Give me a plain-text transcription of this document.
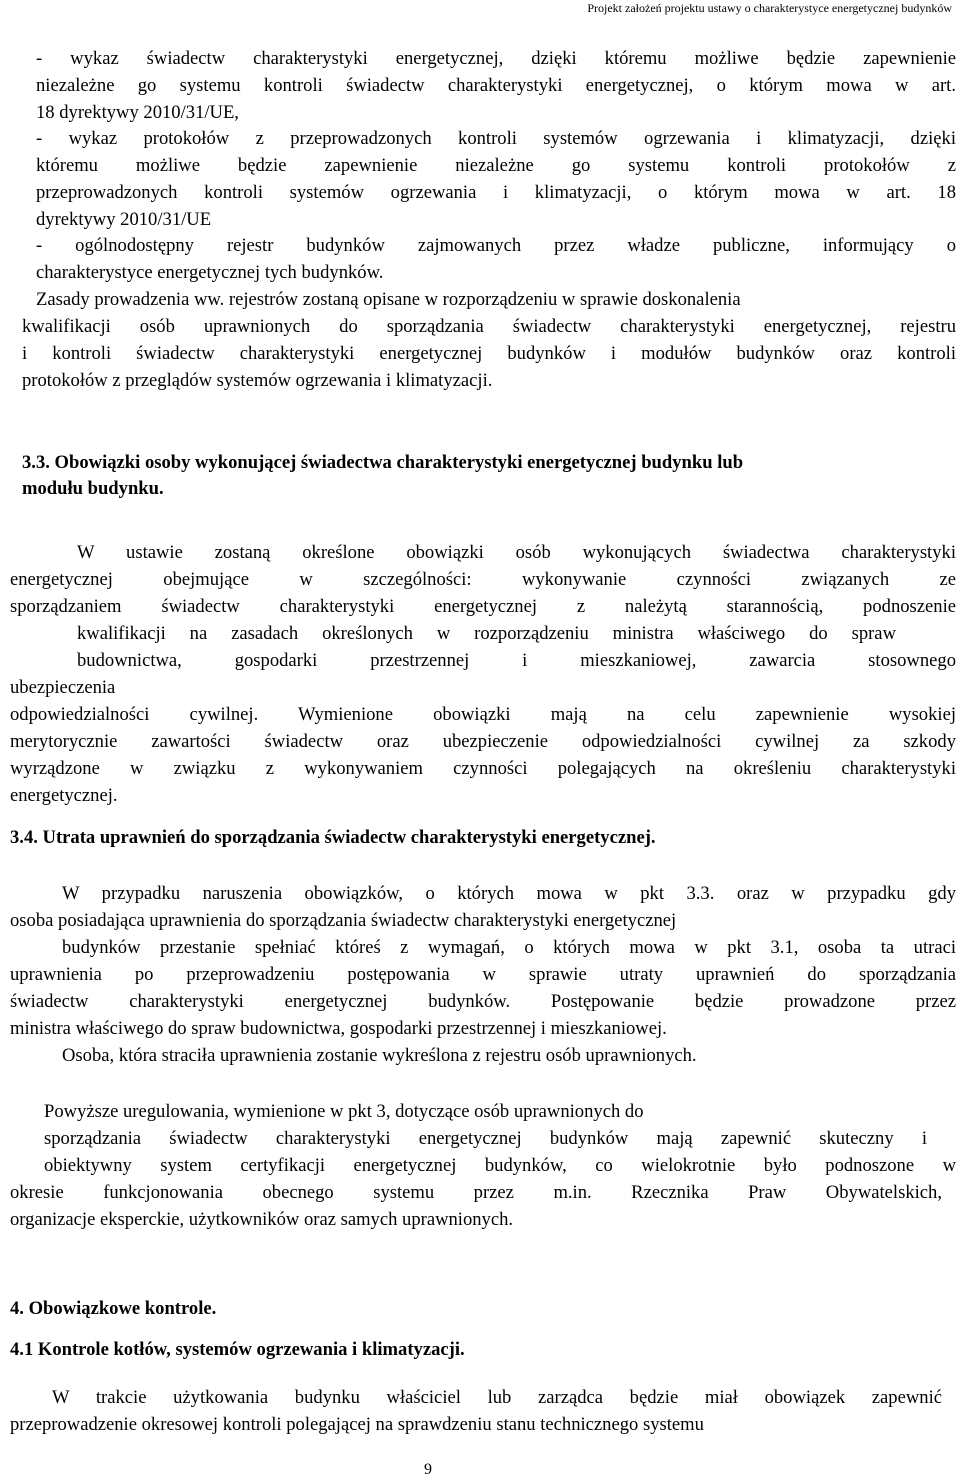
Projekt założeń projektu ustawy o charakterystyce energetycznej budynków
- wykaz świadectw charakterystyki energetycznej, dzięki któremu możliwe będzie zapewnienie
niezależne go systemu kontroli świadectw charakterystyki energetycznej, o którym mowa w art.
18 dyrektywy 2010/31/UE,
- wykaz protokołów z przeprowadzonych kontroli systemów ogrzewania i klimatyzacji, dzięki
któremu możliwe będzie zapewnienie niezależne go systemu kontroli protokołów z
przeprowadzonych kontroli systemów ogrzewania i klimatyzacji, o którym mowa w art. 18
dyrektywy 2010/31/UE
- ogólnodostępny rejestr budynków zajmowanych przez władze publiczne, informujący o
charakterystyce energetycznej tych budynków.
Zasady prowadzenia ww. rejestrów zostaną opisane w rozporządzeniu w sprawie doskonalenia
kwalifikacji osób uprawnionych do sporządzania świadectw charakterystyki energetycznej, rejestru
i kontroli świadectw charakterystyki energetycznej budynków i modułów budynków oraz kontroli
protokołów z przeglądów systemów ogrzewania i klimatyzacji.
3.3. Obowiązki osoby wykonującej świadectwa charakterystyki energetycznej budynku lub
modułu budynku.
W ustawie zostaną określone obowiązki osób wykonujących świadectwa charakterystyki
energetycznej obejmujące w szczególności: wykonywanie czynności związanych ze
sporządzaniem świadectw charakterystyki energetycznej z należytą starannością, podnoszenie
kwalifikacji na zasadach określonych w rozporządzeniu ministra właściwego do spraw
budownictwa, gospodarki przestrzennej i mieszkaniowej, zawarcia stosownego
ubezpieczenia
odpowiedzialności cywilnej. Wymienione obowiązki mają na celu zapewnienie wysokiej
merytorycznie zawartości świadectw oraz ubezpieczenie odpowiedzialności cywilnej za szkody
wyrządzone w związku z wykonywaniem czynności polegających na określeniu charakterystyki
energetycznej.
3.4. Utrata uprawnień do sporządzania świadectw charakterystyki energetycznej.
W przypadku naruszenia obowiązków, o których mowa w pkt 3.3. oraz w przypadku gdy
osoba posiadająca uprawnienia do sporządzania świadectw charakterystyki energetycznej
budynków przestanie spełniać któreś z wymagań, o których mowa w pkt 3.1, osoba ta utraci
uprawnienia po przeprowadzeniu postępowania w sprawie utraty uprawnień do sporządzania
świadectw charakterystyki energetycznej budynków. Postępowanie będzie prowadzone przez
ministra właściwego do spraw budownictwa, gospodarki przestrzennej i mieszkaniowej.
Osoba, która straciła uprawnienia zostanie wykreślona z rejestru osób uprawnionych.
Powyższe uregulowania, wymienione w pkt 3, dotyczące osób uprawnionych do
sporządzania świadectw charakterystyki energetycznej budynków mają zapewnić skuteczny i
obiektywny system certyfikacji energetycznej budynków, co wielokrotnie było podnoszone w
okresie funkcjonowania obecnego systemu przez m.in. Rzecznika Praw Obywatelskich,
organizacje eksperckie, użytkowników oraz samych uprawnionych.
4. Obowiązkowe kontrole.
4.1 Kontrole kotłów, systemów ogrzewania i klimatyzacji.
W trakcie użytkowania budynku właściciel lub zarządca będzie miał obowiązek zapewnić
przeprowadzenie okresowej kontroli polegającej na sprawdzeniu stanu technicznego systemu
9
